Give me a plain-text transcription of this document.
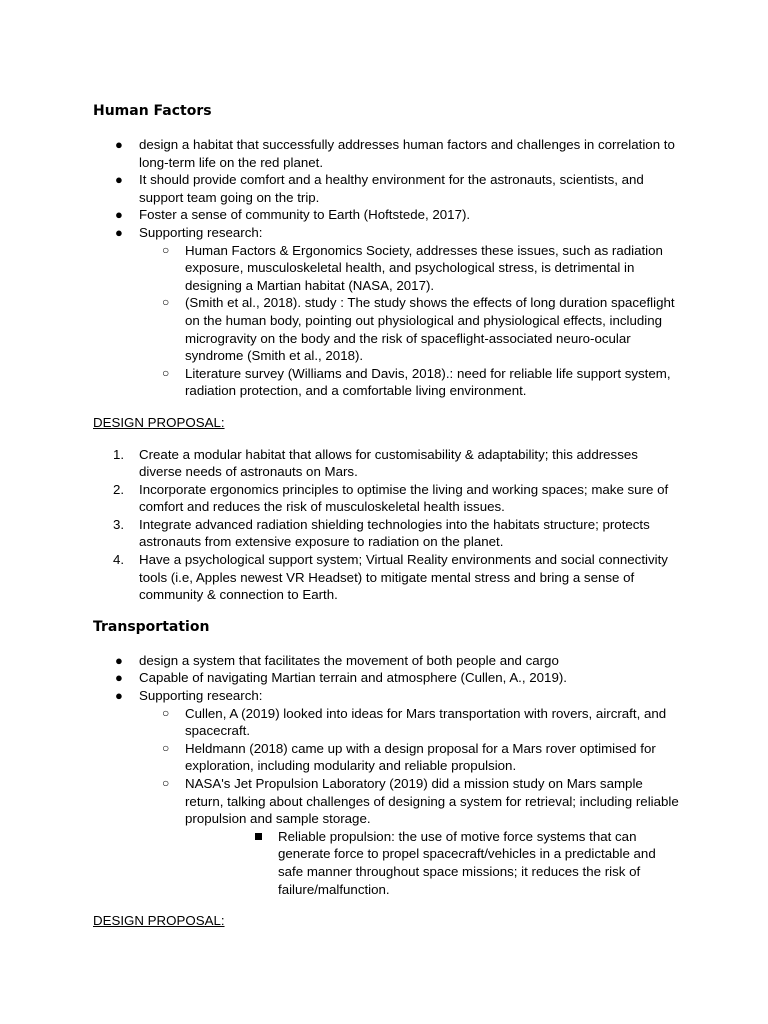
Human Factors
●	design a habitat that successfully addresses human factors and challenges in correlation to long-term life on the red planet.
●	It should provide comfort and a healthy environment for the astronauts, scientists, and support team going on the trip.
●	Foster a sense of community to Earth (Hoftstede, 2017).
●	Supporting research:
○	Human Factors & Ergonomics Society, addresses these issues, such as radiation exposure, musculoskeletal health, and psychological stress, is detrimental in designing a Martian habitat (NASA, 2017).
○	(Smith et al., 2018). study : The study shows the effects of long duration spaceflight on the human body, pointing out physiological and physiological effects, including microgravity on the body and the risk of spaceflight-associated neuro-ocular syndrome (Smith et al., 2018).
○	Literature survey (Williams and Davis, 2018).: need for reliable life support system, radiation protection, and a comfortable living environment.
DESIGN PROPOSAL:
1.	Create a modular habitat that allows for customisability & adaptability; this addresses diverse needs of astronauts on Mars.
2.	Incorporate ergonomics principles to optimise the living and working spaces; make sure of comfort and reduces the risk of musculoskeletal health issues.
3.	Integrate advanced radiation shielding technologies into the habitats structure; protects astronauts from extensive exposure to radiation on the planet.
4.	Have a psychological support system; Virtual Reality environments and social connectivity tools (i.e, Apples newest VR Headset) to mitigate mental stress and bring a sense of community & connection to Earth.
Transportation
●	design a system that facilitates the movement of both people and cargo
●	Capable of navigating Martian terrain and atmosphere (Cullen, A., 2019).
●	Supporting research:
○	Cullen, A (2019) looked into ideas for Mars transportation with rovers, aircraft, and spacecraft.
○	Heldmann (2018) came up with a design proposal for a Mars rover optimised for exploration, including modularity and reliable propulsion.
○	NASA's Jet Propulsion Laboratory (2019) did a mission study on Mars sample return, talking about challenges of designing a system for retrieval; including reliable propulsion and sample storage.
Reliable propulsion: the use of motive force systems that can generate force to propel spacecraft/vehicles in a predictable and safe manner throughout space missions; it reduces the risk of failure/malfunction.
DESIGN PROPOSAL:
